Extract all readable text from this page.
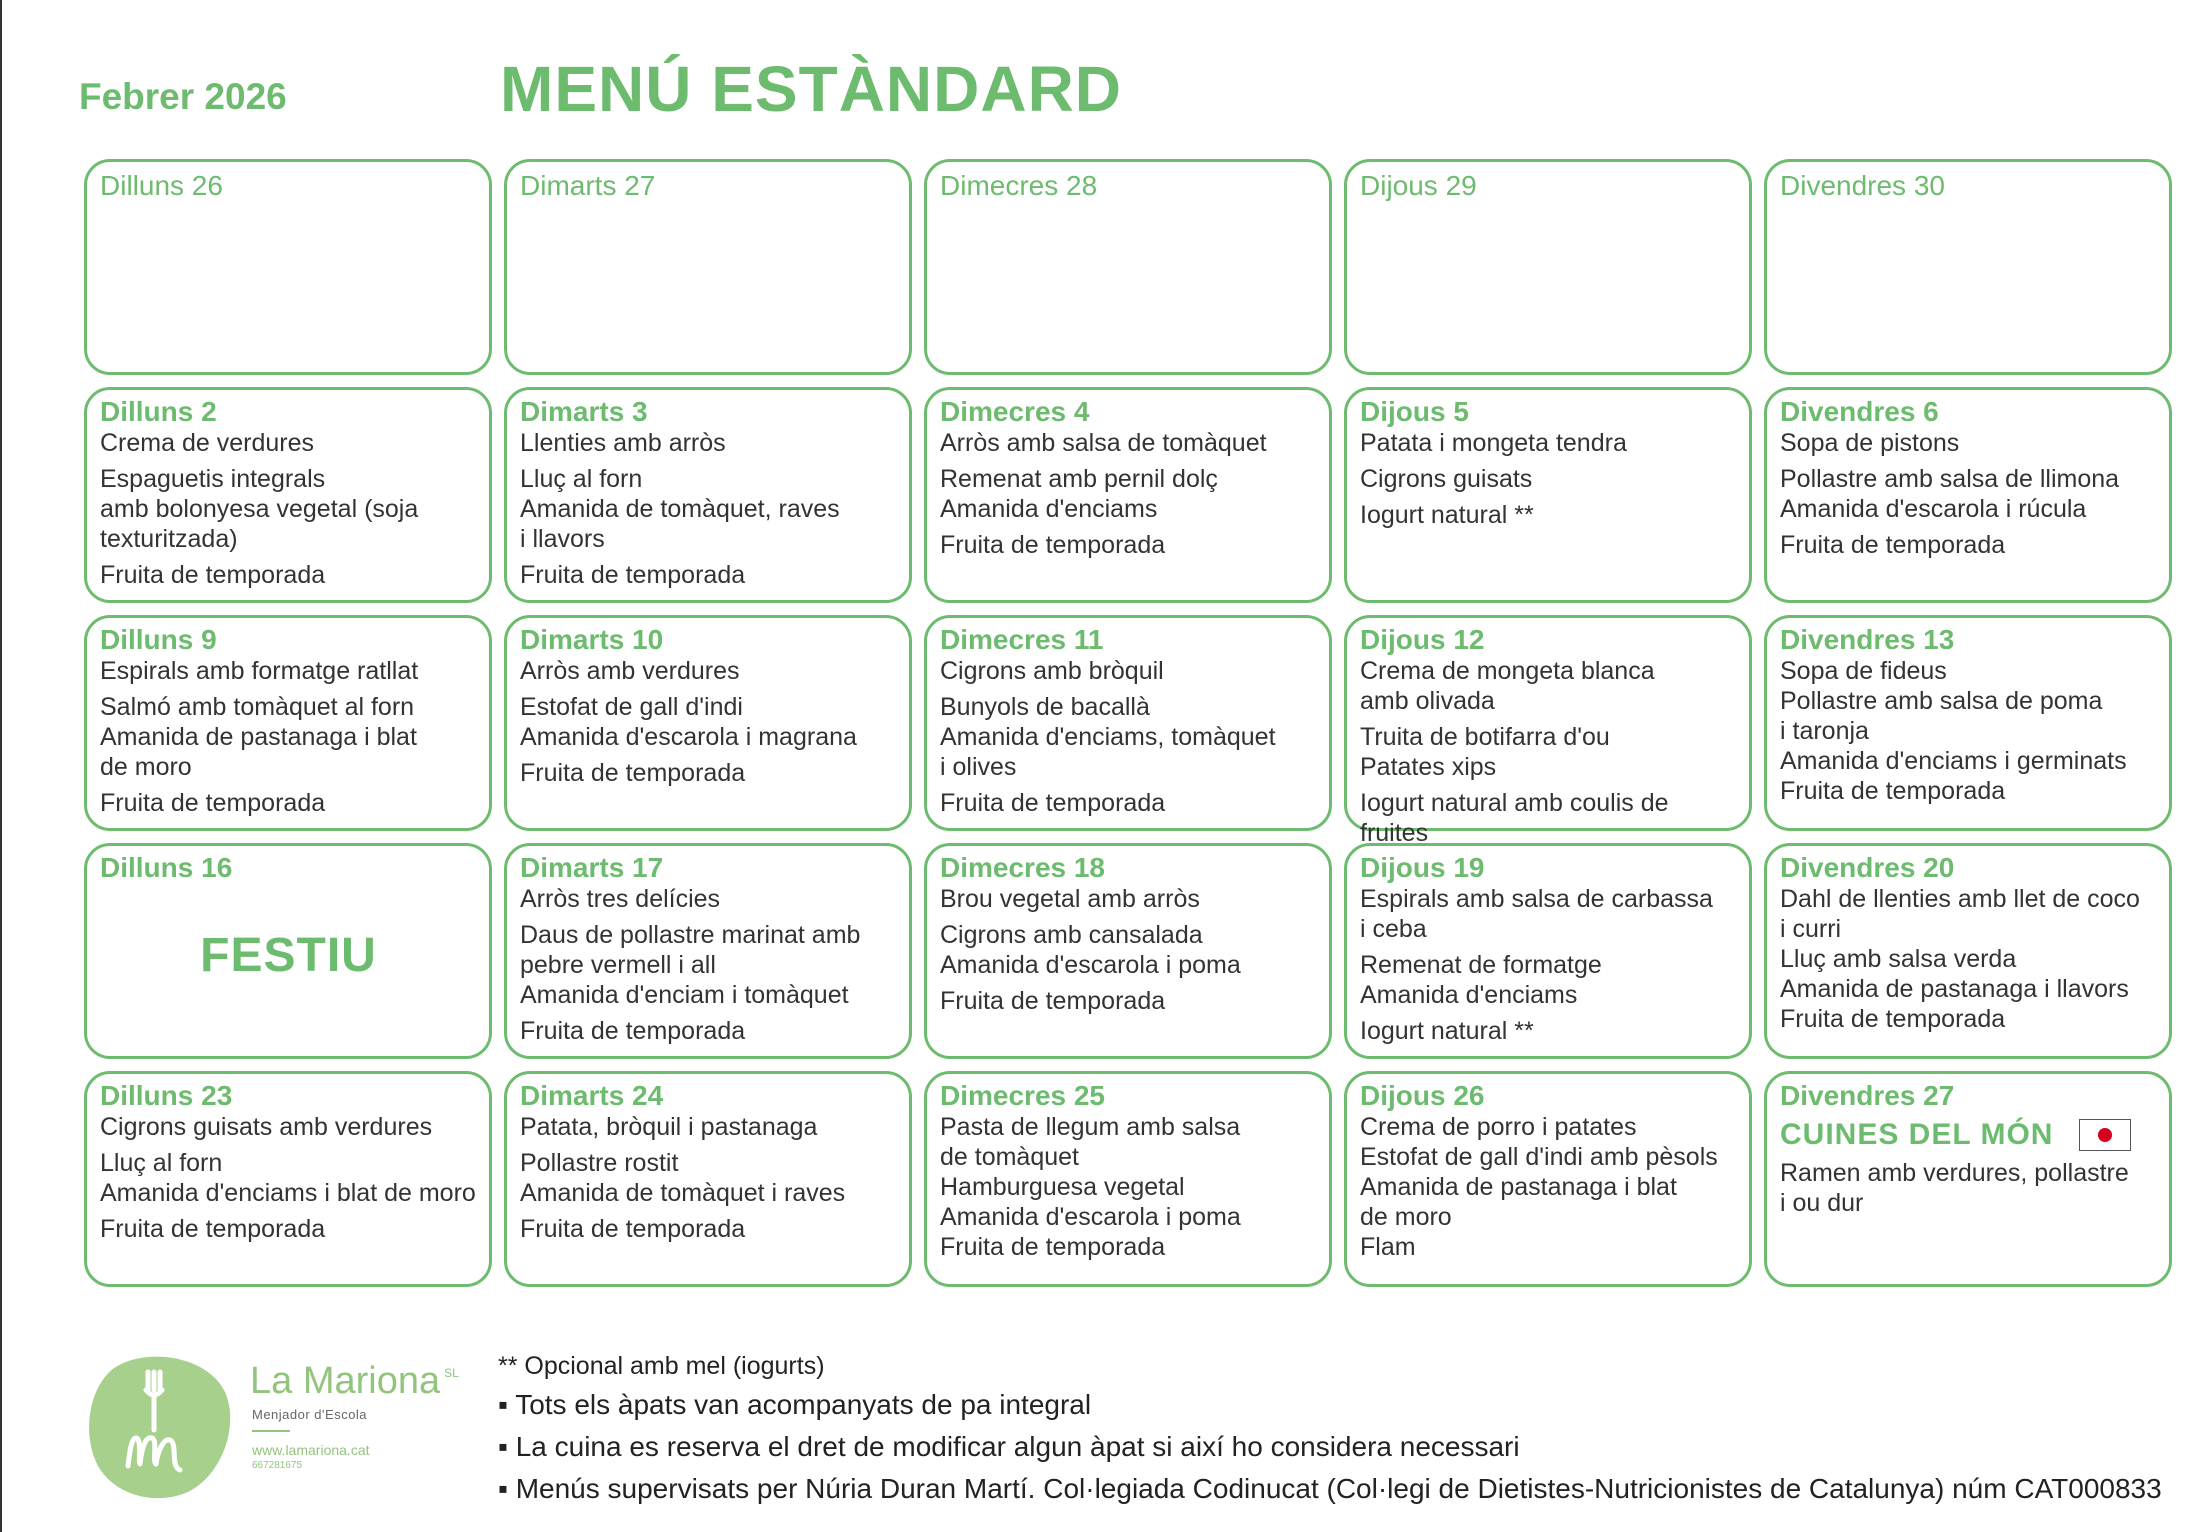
Febrer 2026	MENÚ ESTÀNDARD
Dilluns 26	Dimarts 27	Dimecres 28	Dijous 29	Divendres 30
Dilluns 2
Crema de verdures
Espaguetis integrals
amb bolonyesa vegetal (soja
texturitzada)
Fruita de temporada
Dimarts 3
Llenties amb arròs
Lluç al forn
Amanida de tomàquet, raves
i llavors
Fruita de temporada
Dimecres 4
Arròs amb salsa de tomàquet
Remenat amb pernil dolç
Amanida d'enciams
Fruita de temporada
Dijous 5
Patata i mongeta tendra
Cigrons guisats
Iogurt natural **
Divendres 6
Sopa de pistons
Pollastre amb salsa de llimona
Amanida d'escarola i rúcula
Fruita de temporada
Dilluns 9
Espirals amb formatge ratllat
Salmó amb tomàquet al forn
Amanida de pastanaga i blat
de moro
Fruita de temporada
Dimarts 10
Arròs amb verdures
Estofat de gall d'indi
Amanida d'escarola i magrana
Fruita de temporada
Dimecres 11
Cigrons amb bròquil
Bunyols de bacallà
Amanida d'enciams, tomàquet
i olives
Fruita de temporada
Dijous 12
Crema de mongeta blanca
amb olivada
Truita de botifarra d'ou
Patates xips
Iogurt natural amb coulis de fruites
Divendres 13
Sopa de fideus
Pollastre amb salsa de poma
i taronja
Amanida d'enciams i germinats
Fruita de temporada
Dilluns 16
FESTIU
Dimarts 17
Arròs tres delícies
Daus de pollastre marinat amb
pebre vermell i all
Amanida d'enciam i tomàquet
Fruita de temporada
Dimecres 18
Brou vegetal amb arròs
Cigrons amb cansalada
Amanida d'escarola i poma
Fruita de temporada
Dijous 19
Espirals amb salsa de carbassa
i ceba
Remenat de formatge
Amanida d'enciams
Iogurt natural **
Divendres 20
Dahl de llenties amb llet de coco
i curri
Lluç amb salsa verda
Amanida de pastanaga i llavors
Fruita de temporada
Dilluns 23
Cigrons guisats amb verdures
Lluç al forn
Amanida d'enciams i blat de moro
Fruita de temporada
Dimarts 24
Patata, bròquil i pastanaga
Pollastre rostit
Amanida de tomàquet i raves
Fruita de temporada
Dimecres 25
Pasta de llegum amb salsa
de tomàquet
Hamburguesa vegetal
Amanida d'escarola i poma
Fruita de temporada
Dijous 26
Crema de porro i patates
Estofat de gall d'indi amb pèsols
Amanida de pastanaga i blat
de moro
Flam
Divendres 27
CUINES DEL MÓN
Ramen amb verdures, pollastre
i ou dur
La Mariona $^{SL}$
Menjador d'Escola
www.lamariona.cat
667281675
** Opcional amb mel (iogurts)
▪ Tots els àpats van acompanyats de pa integral
▪ La cuina es reserva el dret de modificar algun àpat si així ho considera necessari
▪ Menús supervisats per Núria Duran Martí. Col·legiada Codinucat (Col·legi de Dietistes-Nutricionistes de Catalunya) núm CAT000833
